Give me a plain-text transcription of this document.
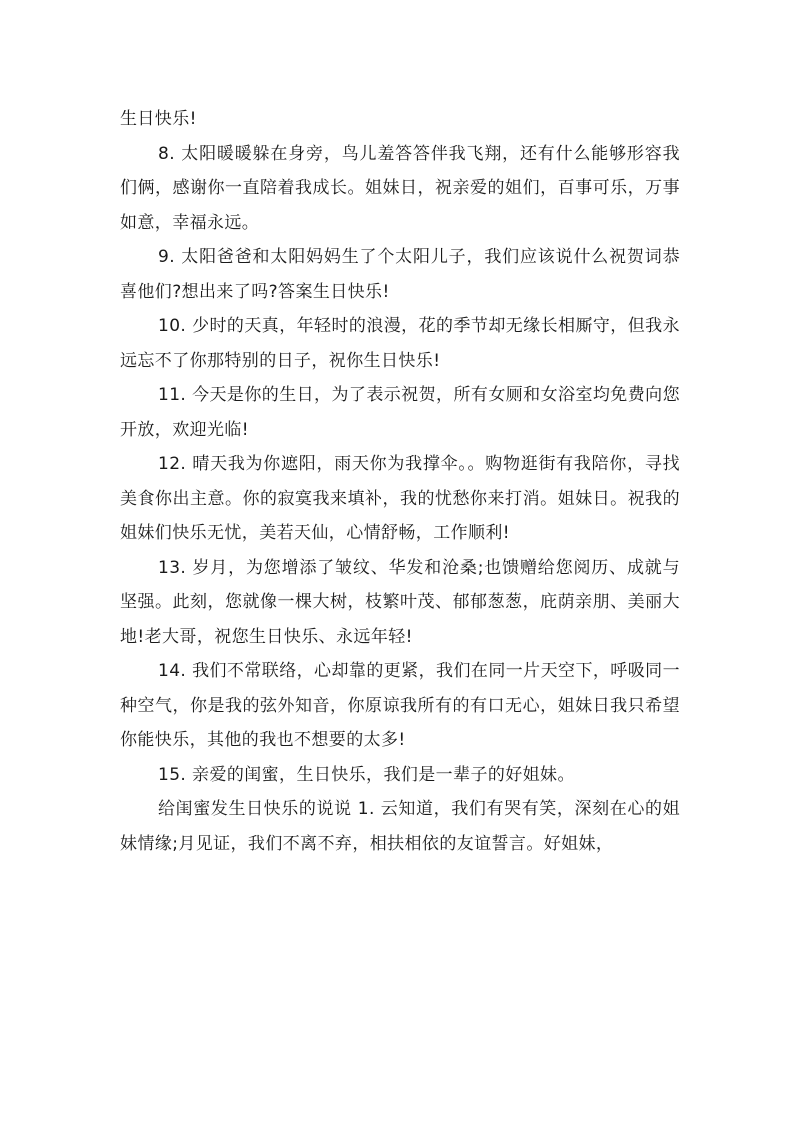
生日快乐!

8. 太阳暖暖躲在身旁，鸟儿羞答答伴我飞翔，还有什么能够形容我们俩，感谢你一直陪着我成长。姐妹日，祝亲爱的姐们，百事可乐，万事如意，幸福永远。

9. 太阳爸爸和太阳妈妈生了个太阳儿子，我们应该说什么祝贺词恭喜他们?想出来了吗?答案生日快乐!

10. 少时的天真，年轻时的浪漫，花的季节却无缘长相厮守，但我永远忘不了你那特别的日子，祝你生日快乐!

11. 今天是你的生日，为了表示祝贺，所有女厕和女浴室均免费向您开放，欢迎光临!

12. 晴天我为你遮阳，雨天你为我撑伞。。购物逛街有我陪你，寻找美食你出主意。你的寂寞我来填补，我的忧愁你来打消。姐妹日。祝我的姐妹们快乐无忧，美若天仙，心情舒畅，工作顺利!

13. 岁月，为您增添了皱纹、华发和沧桑;也馈赠给您阅历、成就与坚强。此刻，您就像一棵大树，枝繁叶茂、郁郁葱葱，庇荫亲朋、美丽大地!老大哥，祝您生日快乐、永远年轻!

14. 我们不常联络，心却靠的更紧，我们在同一片天空下，呼吸同一种空气，你是我的弦外知音，你原谅我所有的有口无心，姐妹日我只希望你能快乐，其他的我也不想要的太多!

15. 亲爱的闺蜜，生日快乐，我们是一辈子的好姐妹。

给闺蜜发生日快乐的说说 1. 云知道，我们有哭有笑，深刻在心的姐妹情缘;月见证，我们不离不弃，相扶相依的友谊誓言。好姐妹，
